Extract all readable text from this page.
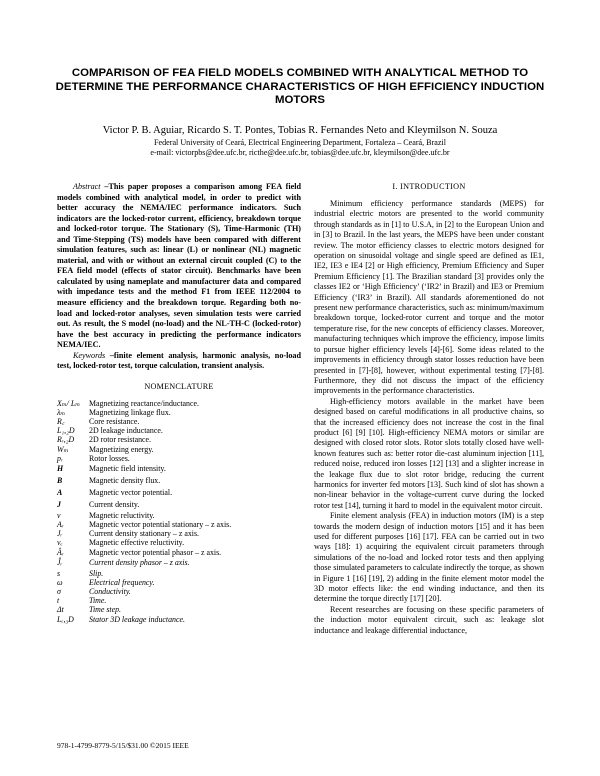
COMPARISON OF FEA FIELD MODELS COMBINED WITH ANALYTICAL METHOD TO DETERMINE THE PERFORMANCE CHARACTERISTICS OF HIGH EFFICIENCY INDUCTION MOTORS
Victor P. B. Aguiar, Ricardo S. T. Pontes, Tobias R. Fernandes Neto and Kleymilson N. Souza
Federal University of Ceará, Electrical Engineering Department, Fortaleza – Ceará, Brazil
e-mail: victorpbs@dee.ufc.br, ricthe@dee.ufc.br, tobias@dee.ufc.br, kleymilson@dee.ufc.br

Abstract –This paper proposes a comparison among FEA field models combined with analytical model, in order to predict with better accuracy the NEMA/IEC performance indicators. Such indicators are the locked-rotor current, efficiency, breakdown torque and locked-rotor torque. The Stationary (S), Time-Harmonic (TH) and Time-Stepping (TS) models have been compared with different simulation features, such as: linear (L) or nonlinear (NL) magnetic material, and with or without an external circuit coupled (C) to the FEA field model (effects of stator circuit). Benchmarks have been calculated by using nameplate and manufacturer data and compared with impedance tests and the method F1 from IEEE 112/2004 to measure efficiency and the breakdown torque. Regarding both no-load and locked-rotor analyses, seven simulation tests were carried out. As result, the S model (no-load) and the NL-TH-C (locked-rotor) have the best accuracy in predicting the performance indicators NEMA/IEC.

Keywords –finite element analysis, harmonic analysis, no-load test, locked-rotor test, torque calculation, transient analysis.

NOMENCLATURE
Xₘ/ Lₘ	Magnetizing reactance/inductance.
λₘ	Magnetizing linkage flux.
R꜀	Core resistance.
L₁,₂D	2D leakage inductance.
Rᵣ,₂D	2D rotor resistance.
Wₘ	Magnetizing energy.
pᵣ	Rotor losses.
H	Magnetic field intensity.
B	Magnetic density flux.
A	Magnetic vector potential.
J	Current density.
ν	Magnetic reluctivity.
Aᵣ	Magnetic vector potential stationary – z axis.
Jᵣ	Current density stationary – z axis.
νₑ	Magnetic effective reluctivity.
Âᵣ	Magnetic vector potential phasor – z axis.
Ĵᵣ	Current density phasor – z axis.
s	Slip.
ω	Electrical frequency.
σ	Conductivity.
t	Time.
Δt	Time step.
Lₑ,₃D	Stator 3D leakage inductance.
I. INTRODUCTION

Minimum efficiency performance standards (MEPS) for industrial electric motors are presented to the world community through standards as in [1] to U.S.A, in [2] to the European Union and in [3] to Brazil. In the last years, the MEPS have been under constant review. The motor efficiency classes to electric motors designed for operation on sinusoidal voltage and single speed are defined as IE1, IE2, IE3 e IE4 [2] or High efficiency, Premium Efficiency and Super Premium Efficiency [1]. The Brazilian standard [3] provides only the classes IE2 or ‘High Efficiency’ (‘IR2’ in Brazil) and IE3 or Premium Efficiency (‘IR3’ in Brazil). All standards aforementioned do not present new performance characteristics, such as: minimum/maximum breakdown torque, locked-rotor current and torque and the motor temperature rise, for the new concepts of efficiency classes. Moreover, manufacturing techniques which improve the efficiency, impose limits to pursue higher efficiency levels [4]-[6]. Some ideas related to the improvements in efficiency through stator losses reduction have been presented in [7]-[8], however, without experimental testing [7]-[8]. Furthermore, they did not discuss the impact of the efficiency improvements in the performance characteristics.

High-efficiency motors available in the market have been designed based on careful modifications in all productive chains, so that the increased efficiency does not increase the cost in the final product [6] [9] [10]. High-efficiency NEMA motors or similar are designed with closed rotor slots. Rotor slots totally closed have well-known features such as: better rotor die-cast aluminum injection [11], reduced noise, reduced iron losses [12] [13] and a slighter increase in the leakage flux due to slot rotor bridge, reducing the current harmonics for inverter fed motors [13]. Such kind of slot has shown a non-linear behavior in the voltage-current curve during the locked rotor test [14], turning it hard to model in the equivalent motor circuit.

Finite element analysis (FEA) in induction motors (IM) is a step towards the modern design of induction motors [15] and it has been used for different purposes [16] [17]. FEA can be carried out in two ways [18]: 1) acquiring the equivalent circuit parameters through simulations of the no-load and locked rotor tests and then applying those simulated parameters to calculate indirectly the torque, as shown in Figure 1 [16] [19], 2) adding in the finite element motor model the 3D motor effects like: the end winding inductance, and then its determine the torque directly [17] [20].

Recent researches are focusing on these specific parameters of the induction motor equivalent circuit, such as: leakage slot inductance and leakage differential inductance,

978-1-4799-8779-5/15/$31.00 ©2015 IEEE
